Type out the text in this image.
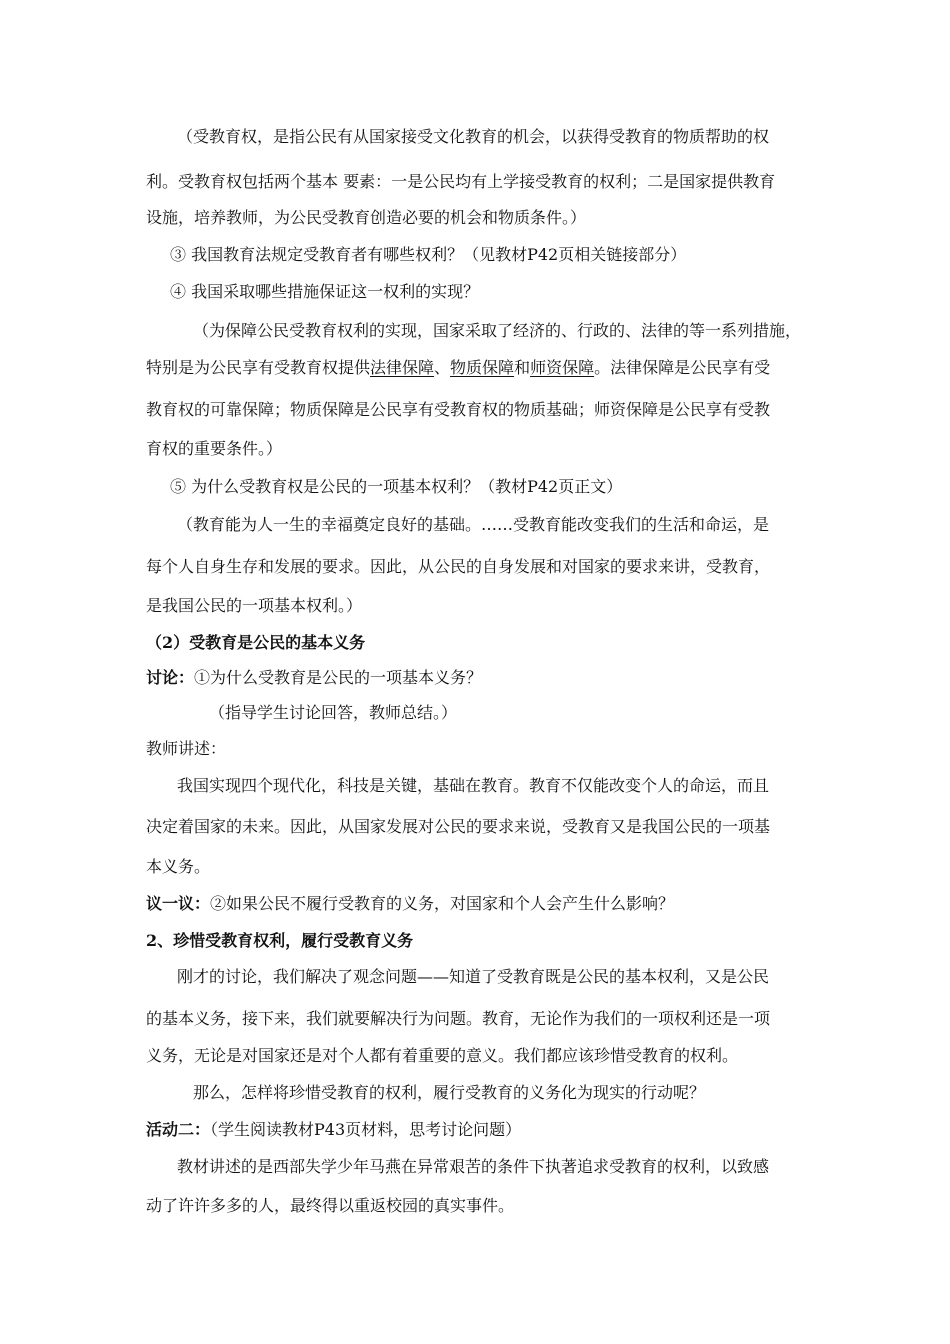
（受教育权，是指公民有从国家接受文化教育的机会，以获得受教育的物质帮助的权
利。受教育权包括两个基本 要素：一是公民均有上学接受教育的权利；二是国家提供教育
设施，培养教师，为公民受教育创造必要的机会和物质条件。）
③ 我国教育法规定受教育者有哪些权利？（见教材P42页相关链接部分）
④ 我国采取哪些措施保证这一权利的实现？
（为保障公民受教育权利的实现，国家采取了经济的、行政的、法律的等一系列措施，
特别是为公民享有受教育权提供法律保障、物质保障和师资保障。法律保障是公民享有受
教育权的可靠保障；物质保障是公民享有受教育权的物质基础；师资保障是公民享有受教
育权的重要条件。）
⑤ 为什么受教育权是公民的一项基本权利？（教材P42页正文）
（教育能为人一生的幸福奠定良好的基础。……受教育能改变我们的生活和命运，是
每个人自身生存和发展的要求。因此，从公民的自身发展和对国家的要求来讲，受教育，
是我国公民的一项基本权利。）
（2）受教育是公民的基本义务
讨论：①为什么受教育是公民的一项基本义务？
（指导学生讨论回答，教师总结。）
教师讲述：
我国实现四个现代化，科技是关键，基础在教育。教育不仅能改变个人的命运，而且
决定着国家的未来。因此，从国家发展对公民的要求来说，受教育又是我国公民的一项基
本义务。
议一议：②如果公民不履行受教育的义务，对国家和个人会产生什么影响？
2、珍惜受教育权利，履行受教育义务
刚才的讨论，我们解决了观念问题——知道了受教育既是公民的基本权利，又是公民
的基本义务，接下来，我们就要解决行为问题。教育，无论作为我们的一项权利还是一项
义务，无论是对国家还是对个人都有着重要的意义。我们都应该珍惜受教育的权利。
那么，怎样将珍惜受教育的权利，履行受教育的义务化为现实的行动呢？
活动二：（学生阅读教材P43页材料，思考讨论问题）
教材讲述的是西部失学少年马燕在异常艰苦的条件下执著追求受教育的权利，以致感
动了许许多多的人，最终得以重返校园的真实事件。
